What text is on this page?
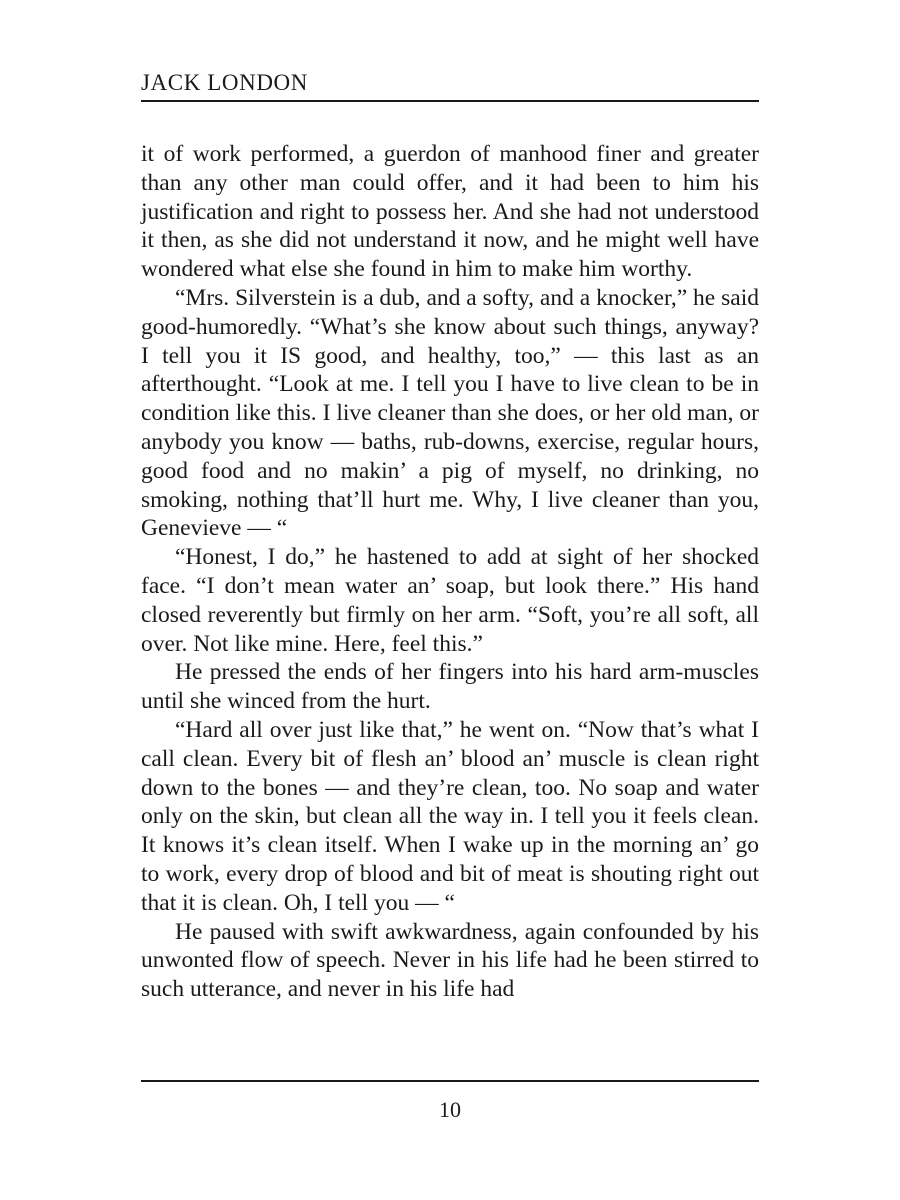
JACK LONDON

it of work performed, a guerdon of manhood finer and greater than any other man could offer, and it had been to him his justification and right to possess her. And she had not understood it then, as she did not understand it now, and he might well have wondered what else she found in him to make him worthy.

“Mrs. Silverstein is a dub, and a softy, and a knocker,” he said good-humoredly. “What’s she know about such things, anyway? I tell you it IS good, and healthy, too,” — this last as an afterthought. “Look at me. I tell you I have to live clean to be in condition like this. I live cleaner than she does, or her old man, or anybody you know — baths, rub-downs, exercise, regular hours, good food and no makin’ a pig of myself, no drinking, no smoking, nothing that’ll hurt me. Why, I live cleaner than you, Genevieve — “

“Honest, I do,” he hastened to add at sight of her shocked face. “I don’t mean water an’ soap, but look there.” His hand closed reverently but firmly on her arm. “Soft, you’re all soft, all over. Not like mine. Here, feel this.”

He pressed the ends of her fingers into his hard arm-muscles until she winced from the hurt.

“Hard all over just like that,” he went on. “Now that’s what I call clean. Every bit of flesh an’ blood an’ muscle is clean right down to the bones — and they’re clean, too. No soap and water only on the skin, but clean all the way in. I tell you it feels clean. It knows it’s clean itself. When I wake up in the morning an’ go to work, every drop of blood and bit of meat is shouting right out that it is clean. Oh, I tell you — “

He paused with swift awkwardness, again confounded by his unwonted flow of speech. Never in his life had he been stirred to such utterance, and never in his life had

10
